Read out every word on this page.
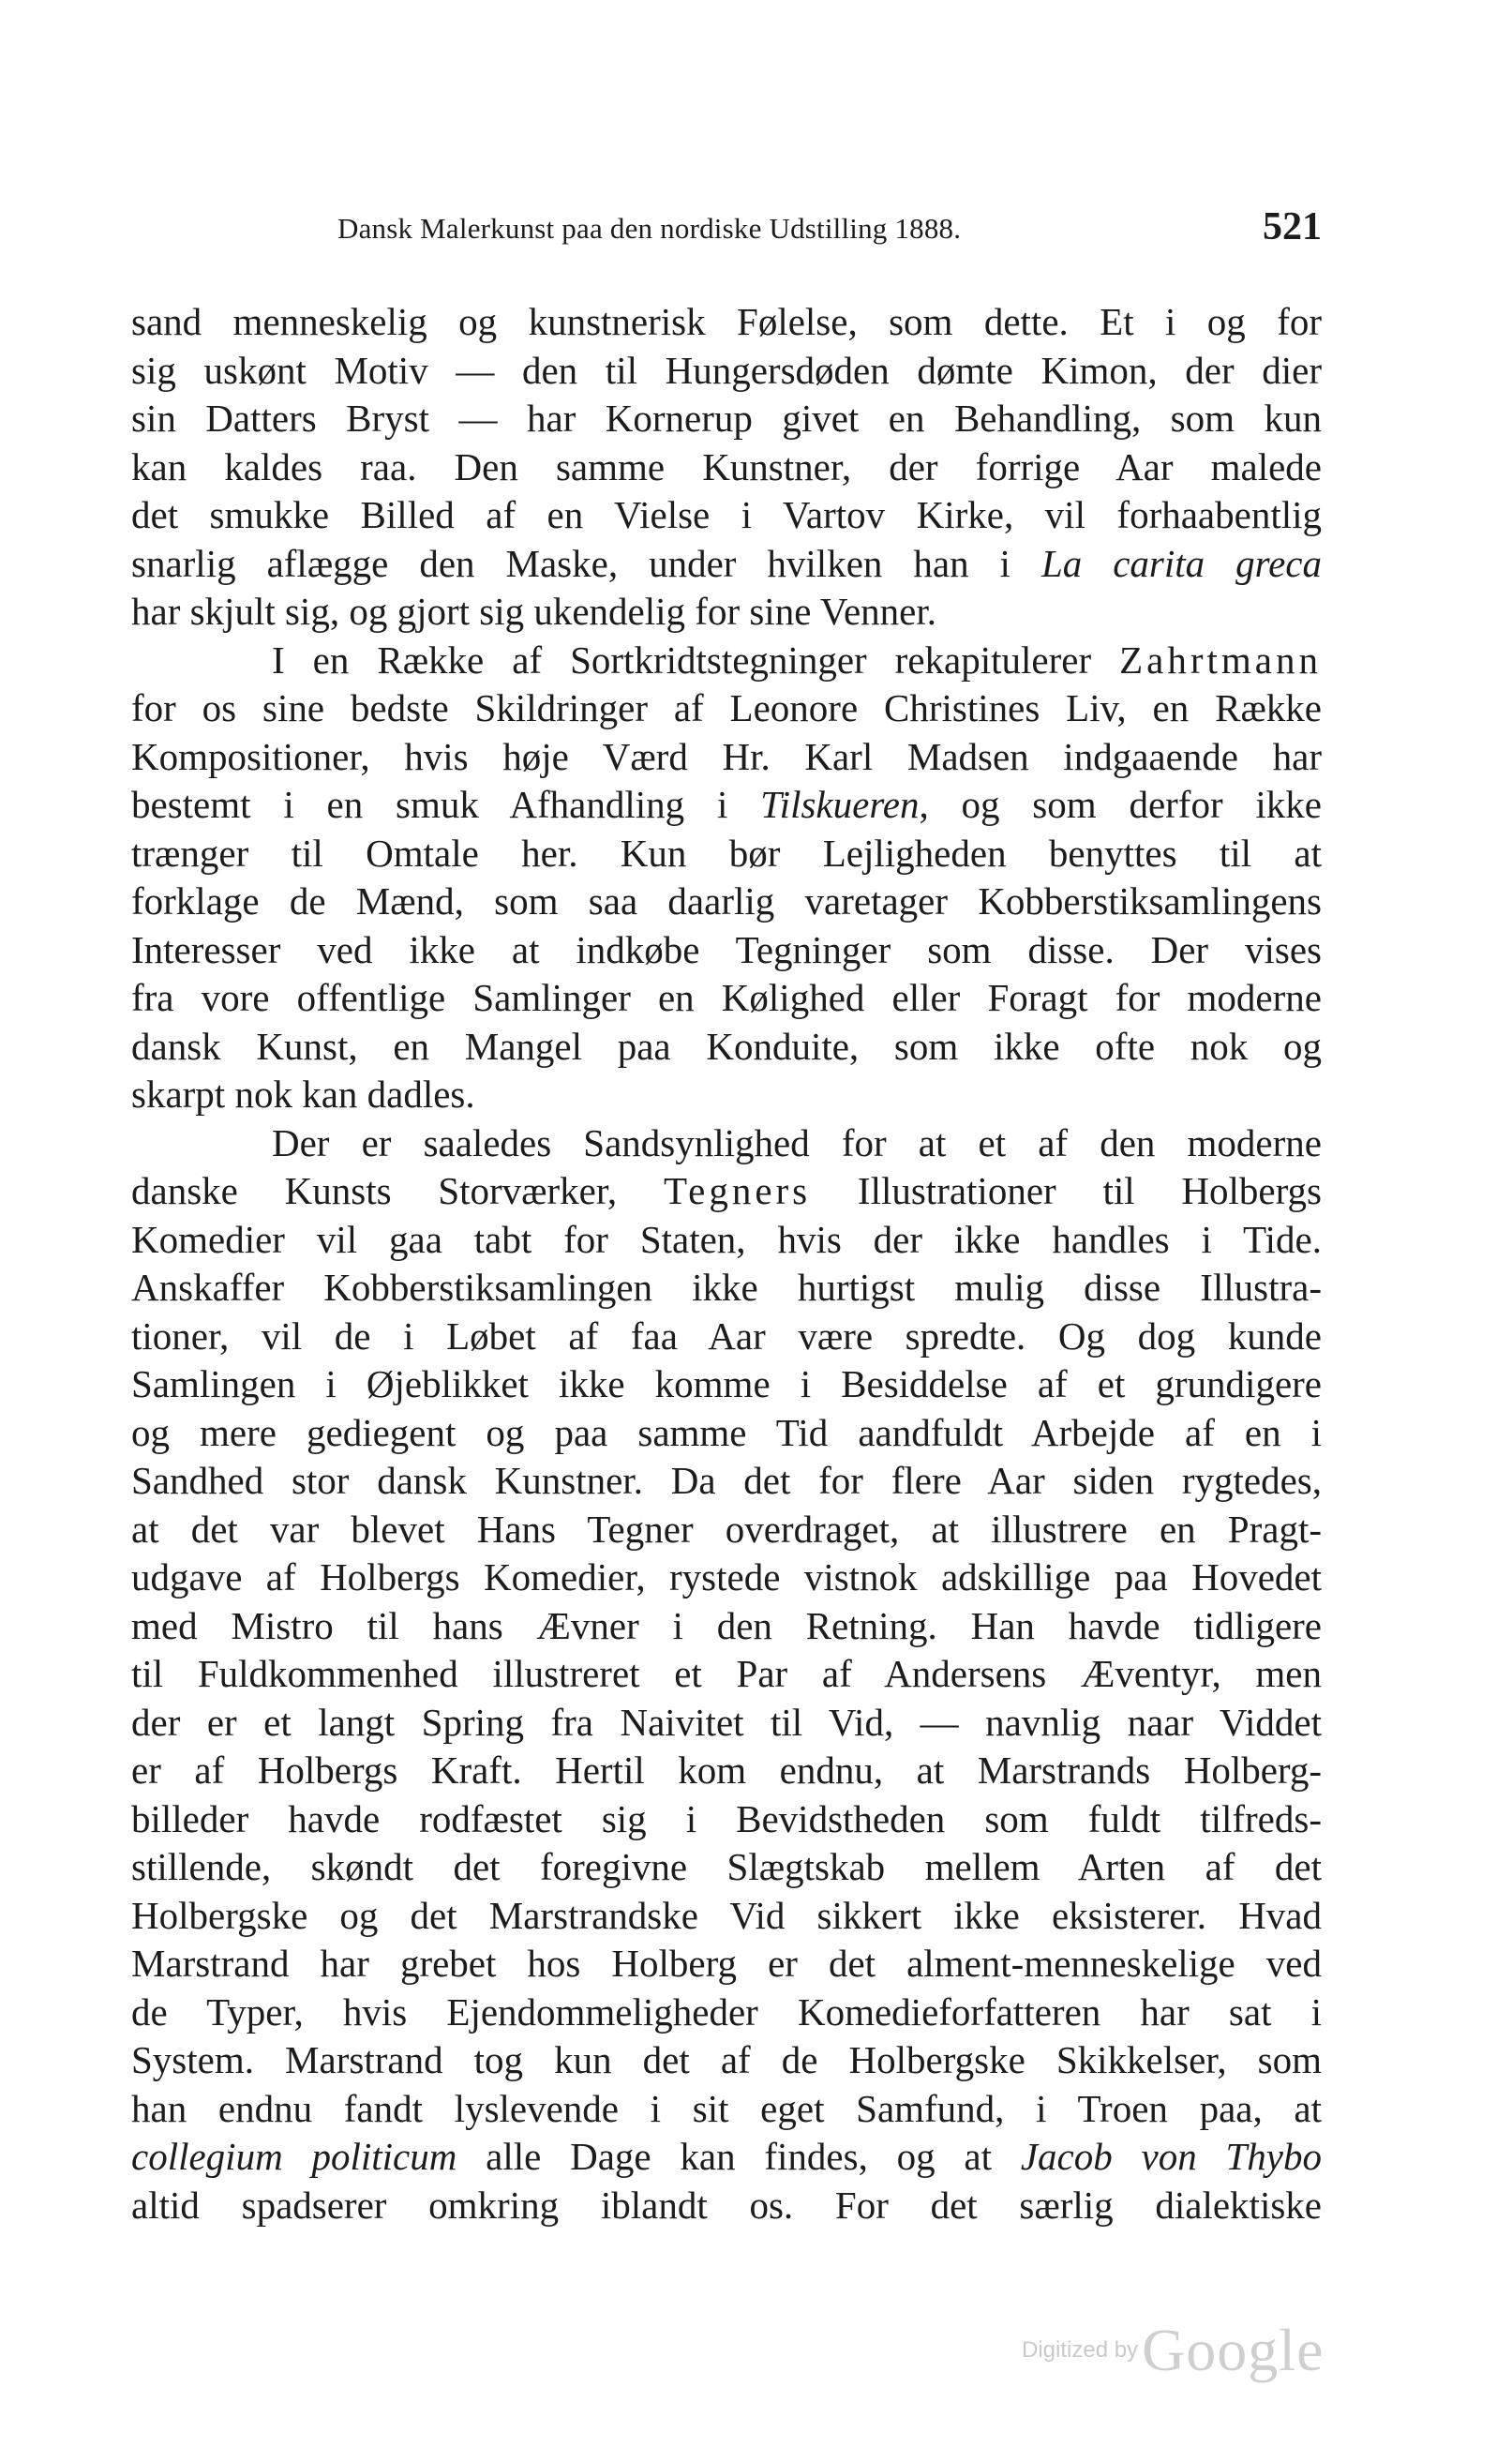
Dansk Malerkunst paa den nordiske Udstilling 1888.	521
sand menneskelig og kunstnerisk Følelse, som dette. Et i og for
sig uskønt Motiv — den til Hungersdøden dømte Kimon, der dier
sin Datters Bryst — har Kornerup givet en Behandling, som kun
kan kaldes raa. Den samme Kunstner, der forrige Aar malede
det smukke Billed af en Vielse i Vartov Kirke, vil forhaabentlig
snarlig aflægge den Maske, under hvilken han i La carita greca
har skjult sig, og gjort sig ukendelig for sine Venner.
I en Række af Sortkridtstegninger rekapitulerer Zahrtmann
for os sine bedste Skildringer af Leonore Christines Liv, en Række
Kompositioner, hvis høje Værd Hr. Karl Madsen indgaaende har
bestemt i en smuk Afhandling i Tilskueren, og som derfor ikke
trænger til Omtale her. Kun bør Lejligheden benyttes til at
forklage de Mænd, som saa daarlig varetager Kobberstiksamlingens
Interesser ved ikke at indkøbe Tegninger som disse. Der vises
fra vore offentlige Samlinger en Kølighed eller Foragt for moderne
dansk Kunst, en Mangel paa Konduite, som ikke ofte nok og
skarpt nok kan dadles.
Der er saaledes Sandsynlighed for at et af den moderne
danske Kunsts Storværker, Tegners Illustrationer til Holbergs
Komedier vil gaa tabt for Staten, hvis der ikke handles i Tide.
Anskaffer Kobberstiksamlingen ikke hurtigst mulig disse Illustra-
tioner, vil de i Løbet af faa Aar være spredte. Og dog kunde
Samlingen i Øjeblikket ikke komme i Besiddelse af et grundigere
og mere gediegent og paa samme Tid aandfuldt Arbejde af en i
Sandhed stor dansk Kunstner. Da det for flere Aar siden rygtedes,
at det var blevet Hans Tegner overdraget, at illustrere en Pragt-
udgave af Holbergs Komedier, rystede vistnok adskillige paa Hovedet
med Mistro til hans Ævner i den Retning. Han havde tidligere
til Fuldkommenhed illustreret et Par af Andersens Æventyr, men
der er et langt Spring fra Naivitet til Vid, — navnlig naar Viddet
er af Holbergs Kraft. Hertil kom endnu, at Marstrands Holberg-
billeder havde rodfæstet sig i Bevidstheden som fuldt tilfreds-
stillende, skøndt det foregivne Slægtskab mellem Arten af det
Holbergske og det Marstrandske Vid sikkert ikke eksisterer. Hvad
Marstrand har grebet hos Holberg er det alment-menneskelige ved
de Typer, hvis Ejendommeligheder Komedieforfatteren har sat i
System. Marstrand tog kun det af de Holbergske Skikkelser, som
han endnu fandt lyslevende i sit eget Samfund, i Troen paa, at
collegium politicum alle Dage kan findes, og at Jacob von Thybo
altid spadserer omkring iblandt os. For det særlig dialektiske
Digitized by Google
